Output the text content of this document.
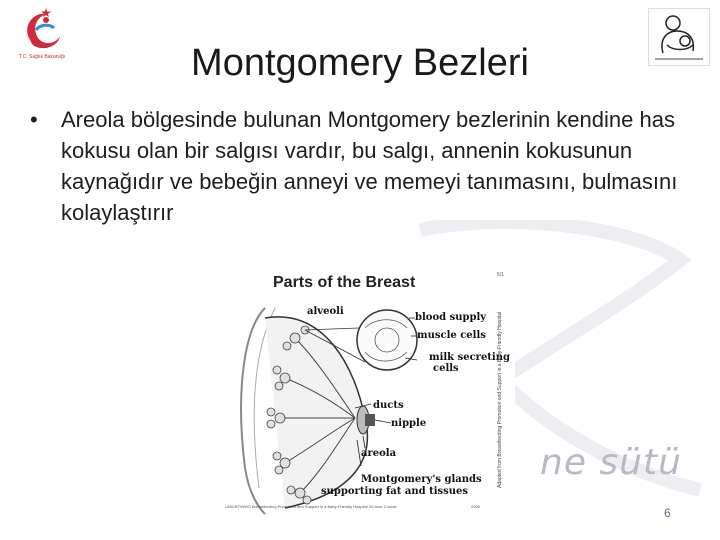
ne sütü
T.C. Sağlık Bakanlığı	Montgomery Bezleri
• Areola bölgesinde bulunan Montgomery bezlerinin kendine has kokusu olan bir salgısı vardır, bu salgı, annenin kokusunun kaynağıdır ve bebeğin anneyi ve memeyi tanımasını, bulmasını kolaylaştırır
Parts of the Breast	5/1
alveoli
blood supply
muscle cells
milk secreting
cells
ducts
nipple
areola
Montgomery's glands
supporting fat and tissues
Adapted from Breastfeeding Promotion and Support in a Baby-Friendly Hospital
UNICEF/WHO Breastfeeding Promotion and Support in a Baby-Friendly Hospital 20-hour Course	2006	6
